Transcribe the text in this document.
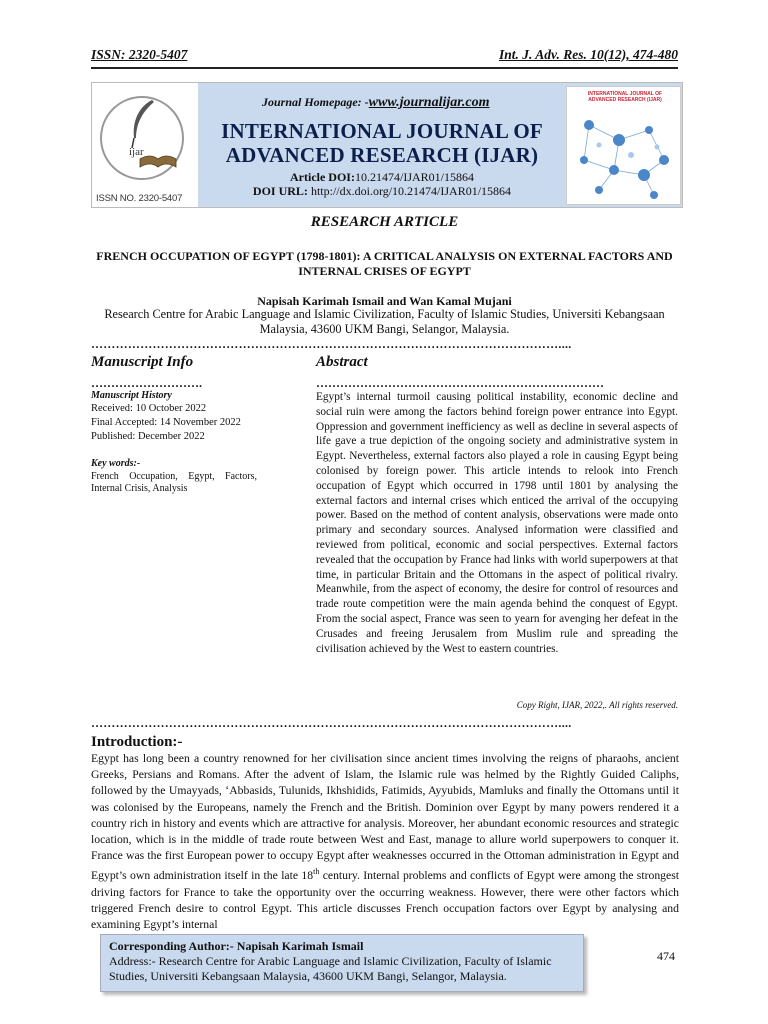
ISSN: 2320-5407	Int. J. Adv. Res. 10(12), 474-480
ijar
ISSN NO. 2320-5407
Journal Homepage: -www.journalijar.com
INTERNATIONAL JOURNAL OF ADVANCED RESEARCH (IJAR)
Article DOI:10.21474/IJAR01/15864
DOI URL: http://dx.doi.org/10.21474/IJAR01/15864
INTERNATIONAL JOURNAL OF ADVANCED RESEARCH (IJAR)
RESEARCH ARTICLE
FRENCH OCCUPATION OF EGYPT (1798-1801): A CRITICAL ANALYSIS ON EXTERNAL FACTORS AND INTERNAL CRISES OF EGYPT
Napisah Karimah Ismail and Wan Kamal Mujani
Research Centre for Arabic Language and Islamic Civilization, Faculty of Islamic Studies, Universiti Kebangsaan Malaysia, 43600 UKM Bangi, Selangor, Malaysia.
……………………………………………………………………………………………………....
Manuscript Info
……………………….
Manuscript History
Received: 10 October 2022
Final Accepted: 14 November 2022
Published: December 2022
Key words:-
French Occupation, Egypt, Factors, Internal Crisis, Analysis
Abstract
………………………………………………………………
Egypt’s internal turmoil causing political instability, economic decline and social ruin were among the factors behind foreign power entrance into Egypt. Oppression and government inefficiency as well as decline in several aspects of life gave a true depiction of the ongoing society and administrative system in Egypt. Nevertheless, external factors also played a role in causing Egypt being colonised by foreign power. This article intends to relook into French occupation of Egypt which occurred in 1798 until 1801 by analysing the external factors and internal crises which enticed the arrival of the occupying power. Based on the method of content analysis, observations were made onto primary and secondary sources. Analysed information were classified and reviewed from political, economic and social perspectives. External factors revealed that the occupation by France had links with world superpowers at that time, in particular Britain and the Ottomans in the aspect of political rivalry. Meanwhile, from the aspect of economy, the desire for control of resources and trade route competition were the main agenda behind the conquest of Egypt. From the social aspect, France was seen to yearn for avenging her defeat in the Crusades and freeing Jerusalem from Muslim rule and spreading the civilisation achieved by the West to eastern countries.
Copy Right, IJAR, 2022,. All rights reserved.
……………………………………………………………………………………………………....
Introduction:-
Egypt has long been a country renowned for her civilisation since ancient times involving the reigns of pharaohs, ancient Greeks, Persians and Romans. After the advent of Islam, the Islamic rule was helmed by the Rightly Guided Caliphs, followed by the Umayyads, ‘Abbasids, Tulunids, Ikhshidids, Fatimids, Ayyubids, Mamluks and finally the Ottomans until it was colonised by the Europeans, namely the French and the British. Dominion over Egypt by many powers rendered it a country rich in history and events which are attractive for analysis. Moreover, her abundant economic resources and strategic location, which is in the middle of trade route between West and East, manage to allure world superpowers to conquer it. France was the first European power to occupy Egypt after weaknesses occurred in the Ottoman administration in Egypt and Egypt’s own administration itself in the late 18th century. Internal problems and conflicts of Egypt were among the strongest driving factors for France to take the opportunity over the occurring weakness. However, there were other factors which triggered French desire to control Egypt. This article discusses French occupation factors over Egypt by analysing and examining Egypt’s internal
Corresponding Author:- Napisah Karimah Ismail
Address:- Research Centre for Arabic Language and Islamic Civilization, Faculty of Islamic Studies, Universiti Kebangsaan Malaysia, 43600 UKM Bangi, Selangor, Malaysia.
474
